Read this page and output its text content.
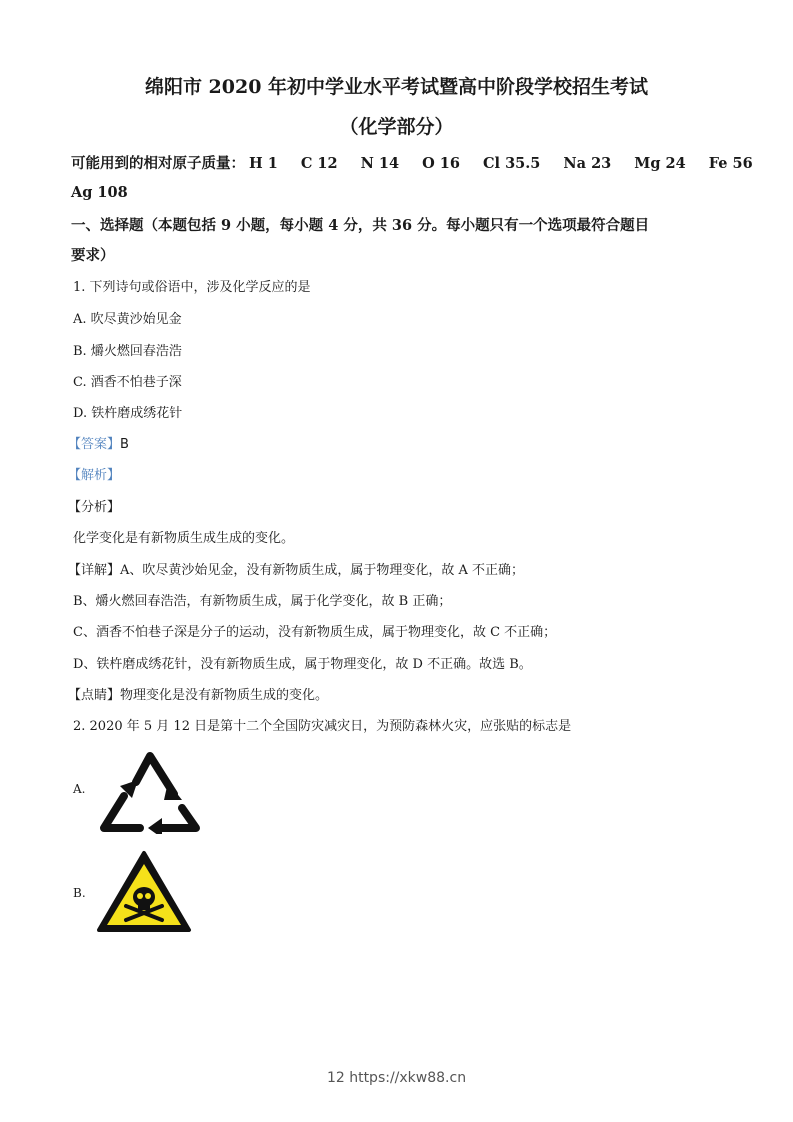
绵阳市 2020 年初中学业水平考试暨高中阶段学校招生考试
（化学部分）
可能用到的相对原子质量： H 1 C 12 N 14 O 16 Cl 35.5 Na 23 Mg 24 Fe 56
Ag 108
一、选择题（本题包括 9 小题，每小题 4 分，共 36 分。每小题只有一个选项最符合题目
要求）
1. 下列诗句或俗语中，涉及化学反应的是
A. 吹尽黄沙始见金
B. 爝火燃回春浩浩
C. 酒香不怕巷子深
D. 铁杵磨成绣花针
【答案】B
【解析】
【分析】
化学变化是有新物质生成生成的变化。
【详解】A、吹尽黄沙始见金，没有新物质生成，属于物理变化，故 A 不正确；
B、爝火燃回春浩浩，有新物质生成，属于化学变化，故 B 正确；
C、酒香不怕巷子深是分子的运动，没有新物质生成，属于物理变化，故 C 不正确；
D、铁杵磨成绣花针，没有新物质生成，属于物理变化，故 D 不正确。故选 B。
【点睛】物理变化是没有新物质生成的变化。
2. 2020 年 5 月 12 日是第十二个全国防灾减灾日，为预防森林火灾，应张贴的标志是
A.
B.
12 https://xkw88.cn
